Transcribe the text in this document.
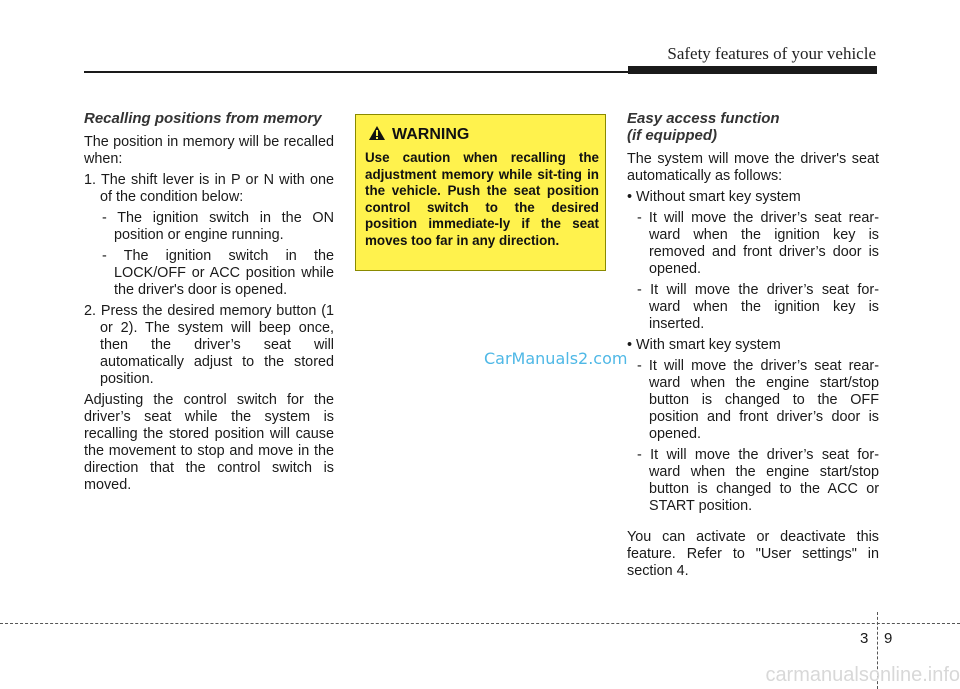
Safety features of your vehicle
Recalling positions from memory

The position in memory will be recalled when:

1. The shift lever is in P or N with one of the condition below:
- The ignition switch in the ON position or engine running.
- The ignition switch in the LOCK/OFF or ACC position while the driver's door is opened.
2. Press the desired memory button (1 or 2). The system will beep once, then the driver’s seat will automatically adjust to the stored position.

Adjusting the control switch for the driver’s seat while the system is recalling the stored position will cause the movement to stop and move in the direction that the control switch is moved.

WARNING
Use caution when recalling the adjustment memory while sit-ting in the vehicle. Push the seat position control switch to the desired position immediate-ly if the seat moves too far in any direction.
CarManuals2.com
Easy access function
(if equipped)

The system will move the driver's seat automatically as follows:

• Without smart key system
- It will move the driver’s seat rear-ward when the ignition key is removed and front driver’s door is opened.
- It will move the driver’s seat for-ward when the ignition key is inserted.
• With smart key system
- It will move the driver’s seat rear-ward when the engine start/stop button is changed to the OFF position and front driver’s door is opened.
- It will move the driver’s seat for-ward when the engine start/stop button is changed to the ACC or START position.

You can activate or deactivate this feature. Refer to "User settings" in section 4.

3 9
carmanualsonline.info
